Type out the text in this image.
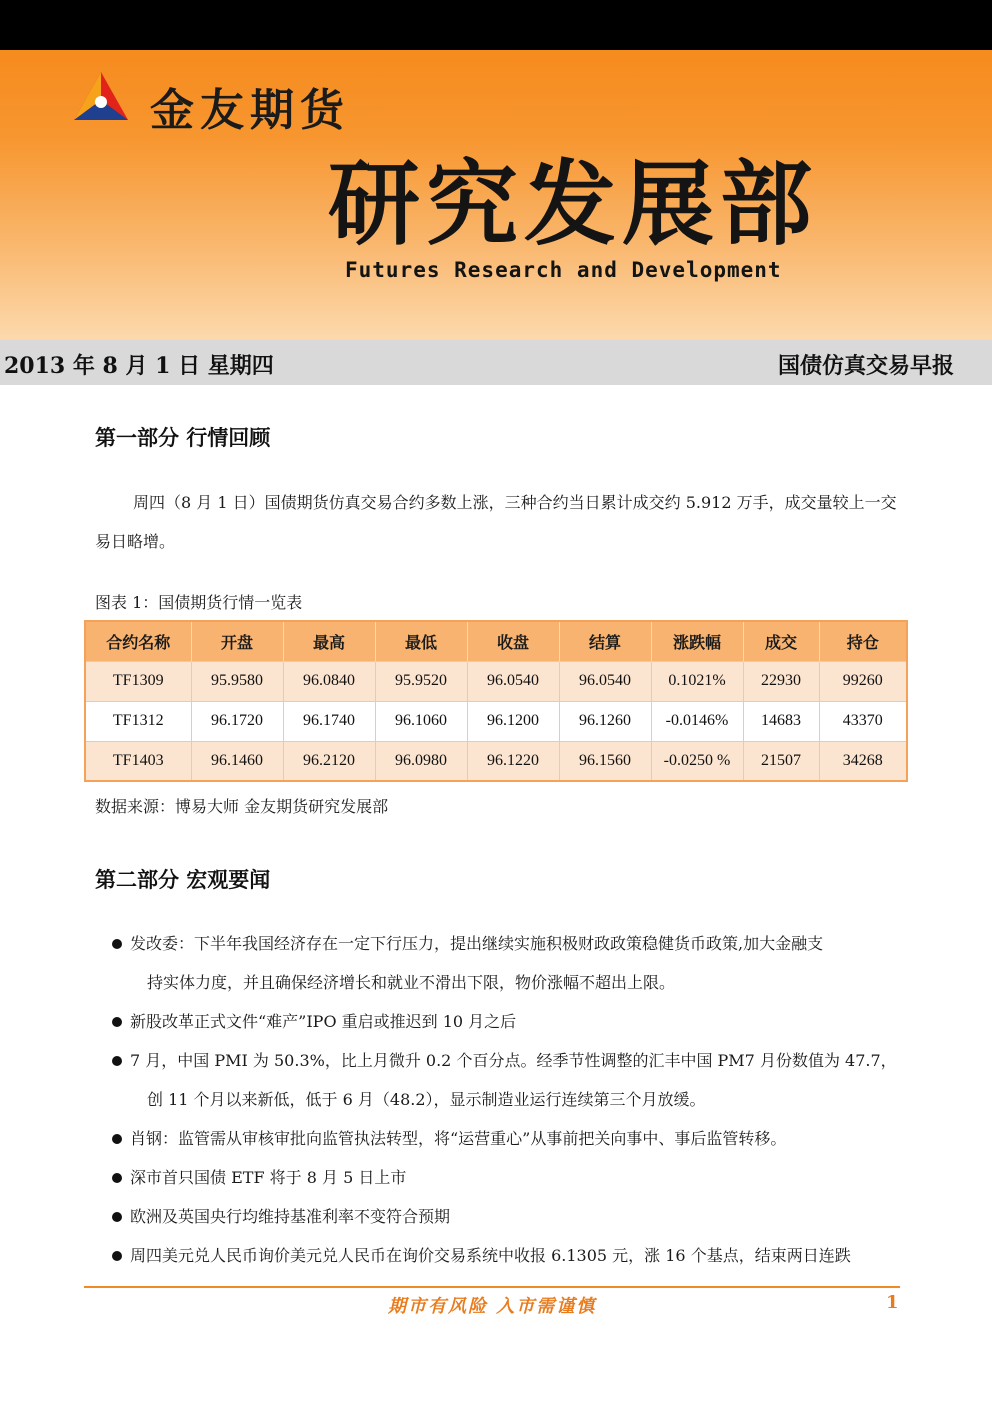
金友期货
研究发展部
Futures Research and Development
2013 年 8 月 1 日 星期四	国债仿真交易早报
第一部分 行情回顾
周四（8 月 1 日）国债期货仿真交易合约多数上涨，三种合约当日累计成交约 5.912 万手，成交量较上一交易日略增。
图表 1：国债期货行情一览表
合约名称	开盘	最高	最低	收盘	结算	涨跌幅	成交	持仓
TF1309	95.9580	96.0840	95.9520	96.0540	96.0540	0.1021%	22930	99260
TF1312	96.1720	96.1740	96.1060	96.1200	96.1260	-0.0146%	14683	43370
TF1403	96.1460	96.2120	96.0980	96.1220	96.1560	-0.0250 %	21507	34268
数据来源：博易大师 金友期货研究发展部
第二部分 宏观要闻
发改委：下半年我国经济存在一定下行压力，提出继续实施积极财政政策稳健货币政策,加大金融支
持实体力度，并且确保经济增长和就业不滑出下限，物价涨幅不超出上限。
新股改革正式文件“难产”IPO 重启或推迟到 10 月之后
7 月，中国 PMI 为 50.3%，比上月微升 0.2 个百分点。经季节性调整的汇丰中国 PM7 月份数值为 47.7，
创 11 个月以来新低，低于 6 月（48.2），显示制造业运行连续第三个月放缓。
肖钢：监管需从审核审批向监管执法转型，将“运营重心”从事前把关向事中、事后监管转移。
深市首只国债 ETF 将于 8 月 5 日上市
欧洲及英国央行均维持基准利率不变符合预期
周四美元兑人民币询价美元兑人民币在询价交易系统中收报 6.1305 元，涨 16 个基点，结束两日连跌
期市有风险 入市需谨慎	1
